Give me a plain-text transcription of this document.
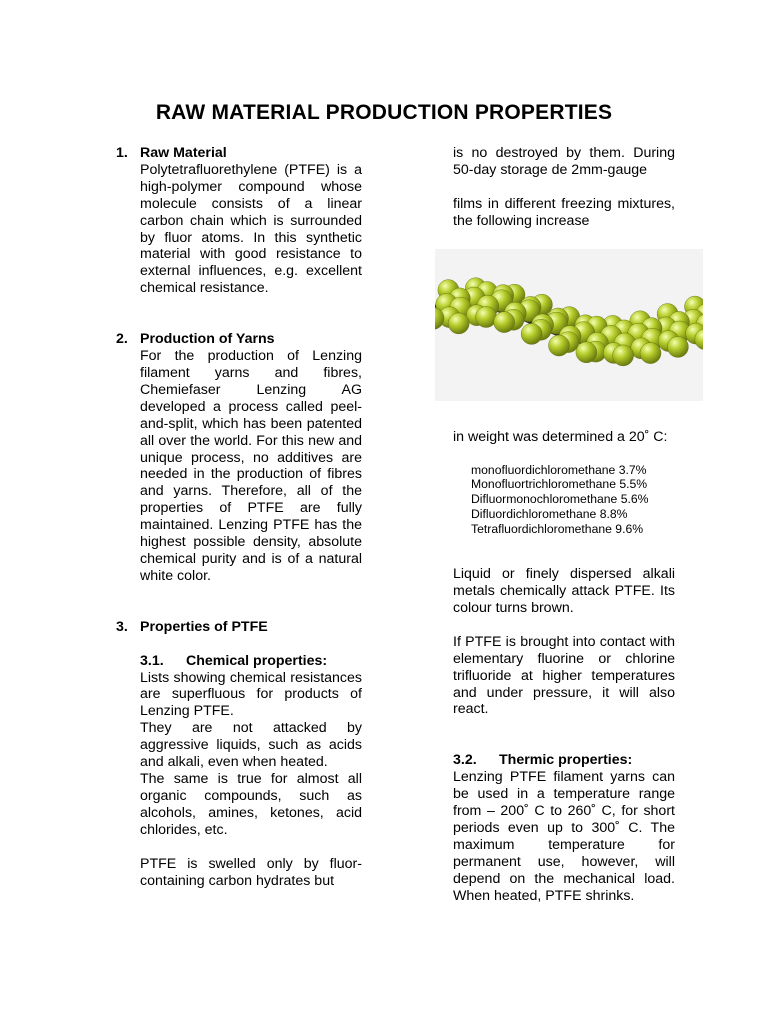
RAW MATERIAL PRODUCTION PROPERTIES
1. Raw Material
Polytetrafluorethylene (PTFE) is a high-polymer compound whose molecule consists of a linear carbon chain which is surrounded by fluor atoms. In this synthetic material with good resistance to external influences, e.g. excellent chemical resistance.
2. Production of Yarns
For the production of Lenzing filament yarns and fibres, Chemiefaser Lenzing AG developed a process called peel-and-split, which has been patented all over the world. For this new and unique process, no additives are needed in the production of fibres and yarns. Therefore, all of the properties of PTFE are fully maintained. Lenzing PTFE has the highest possible density, absolute chemical purity and is of a natural white color.
3. Properties of PTFE
3.1. Chemical properties:
Lists showing chemical resistances are superfluous for products of Lenzing PTFE.
They are not attacked by aggressive liquids, such as acids and alkali, even when heated.
The same is true for almost all organic compounds, such as alcohols, amines, ketones, acid chlorides, etc.
PTFE is swelled only by fluor-containing carbon hydrates but
is no destroyed by them. During 50-day storage de 2mm-gauge
films in different freezing mixtures, the following increase
in weight was determined a 20˚ C:
monofluordichloromethane 3.7%
Monofluortrichloromethane 5.5%
Difluormonochloromethane 5.6%
Difluordichloromethane 8.8%
Tetrafluordichloromethane 9.6%
Liquid or finely dispersed alkali metals chemically attack PTFE. Its colour turns brown.
If PTFE is brought into contact with elementary fluorine or chlorine trifluoride at higher temperatures and under pressure, it will also react.
3.2. Thermic properties:
Lenzing PTFE filament yarns can be used in a temperature range from – 200˚ C to 260˚ C, for short periods even up to 300˚ C. The maximum temperature for permanent use, however, will depend on the mechanical load. When heated, PTFE shrinks.
